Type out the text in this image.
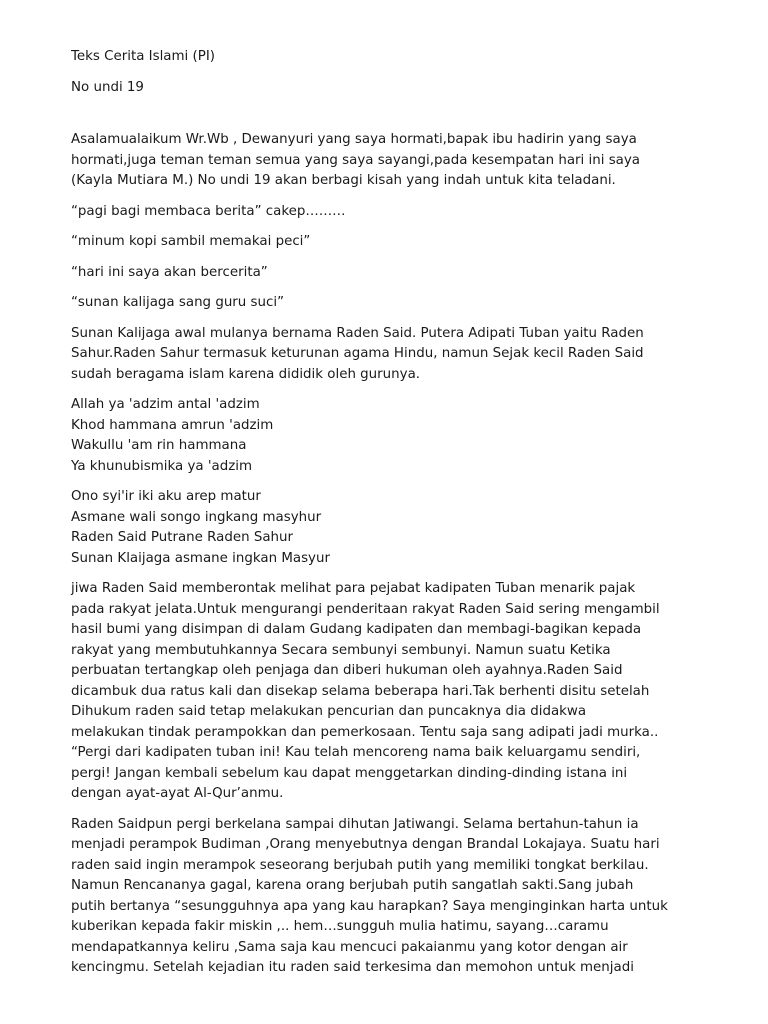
Teks Cerita Islami (PI)

No undi 19

Asalamualaikum Wr.Wb , Dewanyuri yang saya hormati,bapak ibu hadirin yang saya
hormati,juga teman teman semua yang saya sayangi,pada kesempatan hari ini saya
(Kayla Mutiara M.) No undi 19 akan berbagi kisah yang indah untuk kita teladani.

“pagi bagi membaca berita” cakep………

“minum kopi sambil memakai peci”

“hari ini saya akan bercerita”

“sunan kalijaga sang guru suci”

Sunan Kalijaga awal mulanya bernama Raden Said. Putera Adipati Tuban yaitu Raden
Sahur.Raden Sahur termasuk keturunan agama Hindu, namun Sejak kecil Raden Said
sudah beragama islam karena dididik oleh gurunya.

Allah ya 'adzim antal 'adzim
Khod hammana amrun 'adzim
Wakullu 'am rin hammana
Ya khunubismika ya 'adzim

Ono syi'ir iki aku arep matur
Asmane wali songo ingkang masyhur
Raden Said Putrane Raden Sahur
Sunan Klaijaga asmane ingkan Masyur

jiwa Raden Said memberontak melihat para pejabat kadipaten Tuban menarik pajak
pada rakyat jelata.Untuk mengurangi penderitaan rakyat Raden Said sering mengambil
hasil bumi yang disimpan di dalam Gudang kadipaten dan membagi-bagikan kepada
rakyat yang membutuhkannya Secara sembunyi sembunyi. Namun suatu Ketika
perbuatan tertangkap oleh penjaga dan diberi hukuman oleh ayahnya.Raden Said
dicambuk dua ratus kali dan disekap selama beberapa hari.Tak berhenti disitu setelah
Dihukum raden said tetap melakukan pencurian dan puncaknya dia didakwa
melakukan tindak perampokkan dan pemerkosaan. Tentu saja sang adipati jadi murka..
“Pergi dari kadipaten tuban ini! Kau telah mencoreng nama baik keluargamu sendiri,
pergi! Jangan kembali sebelum kau dapat menggetarkan dinding-dinding istana ini
dengan ayat-ayat Al-Qur’anmu.

Raden Saidpun pergi berkelana sampai dihutan Jatiwangi. Selama bertahun-tahun ia
menjadi perampok Budiman ,Orang menyebutnya dengan Brandal Lokajaya. Suatu hari
raden said ingin merampok seseorang berjubah putih yang memiliki tongkat berkilau.
Namun Rencananya gagal, karena orang berjubah putih sangatlah sakti.Sang jubah
putih bertanya “sesungguhnya apa yang kau harapkan? Saya menginginkan harta untuk
kuberikan kepada fakir miskin ,.. hem…sungguh mulia hatimu, sayang…caramu
mendapatkannya keliru ,Sama saja kau mencuci pakaianmu yang kotor dengan air
kencingmu. Setelah kejadian itu raden said terkesima dan memohon untuk menjadi
